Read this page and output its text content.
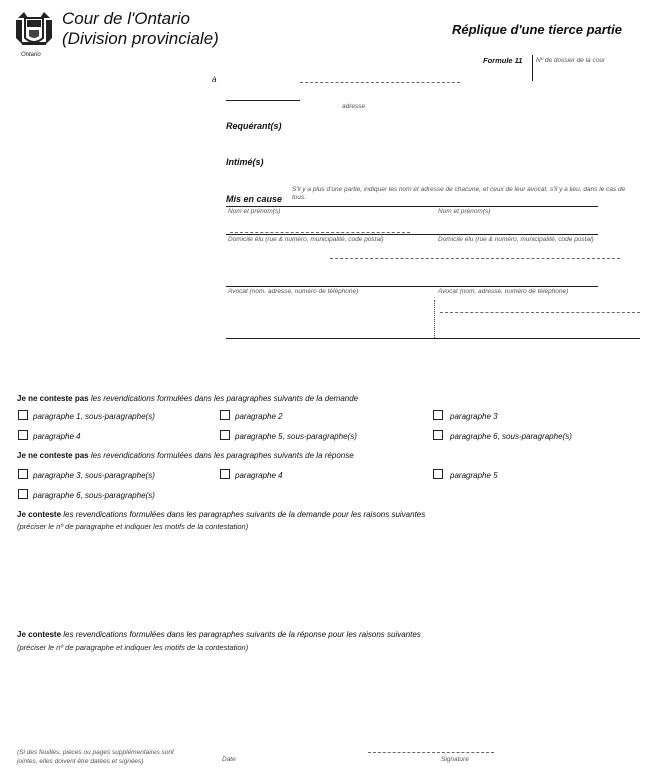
Ontario
Cour de l'Ontario
(Division provinciale)	Réplique d'une tierce partie
Formule 11 Nº de dossier de la cour
à
adresse
Requérant(s)
Intimé(s)
Mis en cause
S'il y a plus d'une partie, indiquer les nom et adresse de chacune, et ceux de leur avocat, s'il y a lieu, dans le cas de tous.
Nom et prénom(s)	Nom et prénom(s)
Domicile élu (rue & numéro, municipalité, code postal)	Domicile élu (rue & numéro, municipalité, code postal)
Avocat (nom, adresse, numéro de téléphone)	Avocat (nom, adresse, numéro de téléphone)
Je ne conteste pas les revendications formulées dans les paragraphes suivants de la demande
paragraphe 1, sous-paragraphe(s)	paragraphe 2	paragraphe 3
paragraphe 4	paragraphe 5, sous-paragraphe(s)	paragraphe 6, sous-paragraphe(s)
Je ne conteste pas les revendications formulées dans les paragraphes suivants de la réponse
paragraphe 3, sous-paragraphe(s)	paragraphe 4	paragraphe 5
paragraphe 6, sous-paragraphe(s)
Je conteste les revendications formulées dans les paragraphes suivants de la demande pour les raisons suivantes
(préciser le nº de paragraphe et indiquer les motifs de la contestation)
Je conteste les revendications formulées dans les paragraphes suivants de la réponse pour les raisons suivantes
(préciser le nº de paragraphe et indiquer les motifs de la contestation)
(Si des feuilles, pièces ou pages supplémentaires sont
jointes, elles doivent être datées et signées)	Date	Signature
